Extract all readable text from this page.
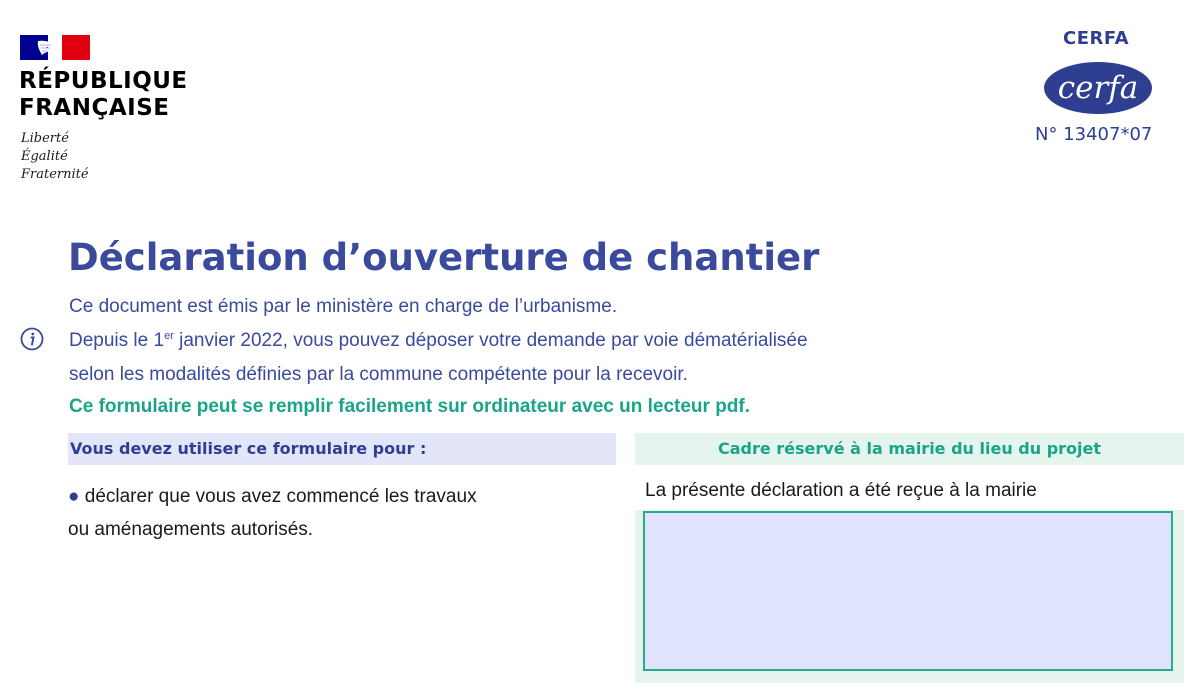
RÉPUBLIQUE
FRANÇAISE
Liberté
Égalité
Fraternité
CERFA
cerfa
N° 13407*07
Déclaration d’ouverture de chantier
Ce document est émis par le ministère en charge de l’urbanisme.
Depuis le 1er janvier 2022, vous pouvez déposer votre demande par voie dématérialisée
selon les modalités définies par la commune compétente pour la recevoir.
Ce formulaire peut se remplir facilement sur ordinateur avec un lecteur pdf.
Vous devez utiliser ce formulaire pour :
● déclarer que vous avez commencé les travaux
ou aménagements autorisés.
Cadre réservé à la mairie du lieu du projet
La présente déclaration a été reçue à la mairie
